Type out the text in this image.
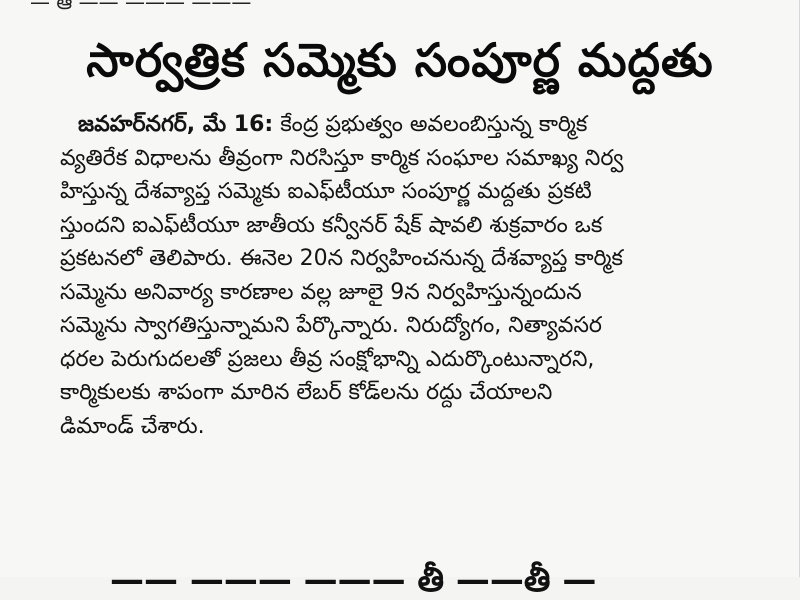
— ఆ —— ——— ———
సార్వత్రిక సమ్మెకు సంపూర్ణ మద్దతు
జవహర్‌నగర్, మే 16: కేంద్ర ప్రభుత్వం అవలంబిస్తున్న కార్మిక
వ్యతిరేక విధాలను తీవ్రంగా నిరసిస్తూ కార్మిక సంఘాల సమాఖ్య నిర్వ
హిస్తున్న దేశవ్యాప్త సమ్మెకు ఐఎఫ్‌టీయూ సంపూర్ణ మద్దతు ప్రకటి
స్తుందని ఐఎఫ్‌టీయూ జాతీయ కన్వీనర్ షేక్ షావలి శుక్రవారం ఒక
ప్రకటనలో తెలిపారు. ఈనెల 20న నిర్వహించనున్న దేశవ్యాప్త కార్మిక
సమ్మెను అనివార్య కారణాల వల్ల జూలై 9న నిర్వహిస్తున్నందున
సమ్మెను స్వాగతిస్తున్నామని పేర్కొన్నారు. నిరుద్యోగం, నిత్యావసర
ధరల పెరుగుదలతో ప్రజలు తీవ్ర సంక్షోభాన్ని ఎదుర్కొంటున్నారని,
కార్మికులకు శాపంగా మారిన లేబర్ కోడ్‌లను రద్దు చేయాలని
డిమాండ్ చేశారు.
—— ——— ——— తీ ——తీ —
